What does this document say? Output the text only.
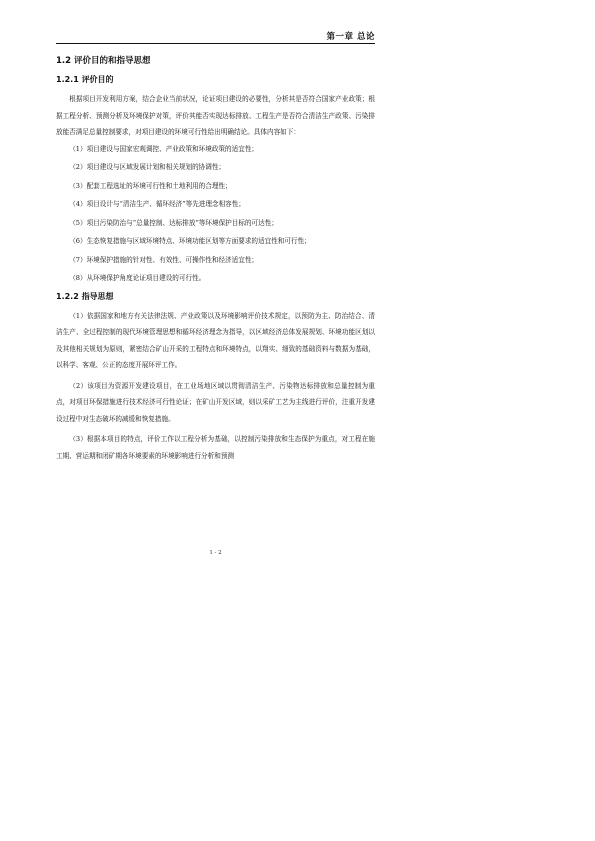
第一章 总论
1.2 评价目的和指导思想
1.2.1 评价目的

根据项目开发利用方案，结合企业当前状况，论证项目建设的必要性，分析其是否符合国家产业政策；根据工程分析、预测分析及环境保护对策，评价其能否实现达标排放、工程生产是否符合清洁生产政策、污染排放能否满足总量控制要求，对项目建设的环境可行性给出明确结论。具体内容如下：

（1）项目建设与国家宏观调控、产业政策和环境政策的适宜性；

（2）项目建设与区域发展计划和相关规划的协调性；

（3）配套工程选址的环境可行性和土地利用的合理性；

（4）项目设计与“清洁生产、循环经济”等先进理念相容性；

（5）项目污染防治与“总量控制、达标排放”等环境保护目标的可达性；

（6）生态恢复措施与区域环境特点、环境功能区划等方面要求的适宜性和可行性；

（7）环境保护措施的针对性、有效性、可操作性和经济适宜性；

（8）从环境保护角度论证项目建设的可行性。

1.2.2 指导思想

（1）依据国家和地方有关法律法规、产业政策以及环境影响评价技术规定，以预防为主、防治结合、清洁生产、全过程控制的现代环境管理思想和循环经济理念为指导，以区域经济总体发展规划、环境功能区划以及其他相关规划为原则，紧密结合矿山开采的工程特点和环境特点，以翔实、细致的基础资料与数据为基础，以科学、客观、公正的态度开展环评工作。

（2）该项目为资源开发建设项目，在工业场地区域以贯彻清洁生产、污染物达标排放和总量控制为重点，对项目环保措施进行技术经济可行性论证；在矿山开发区域，则以采矿工艺为主线进行评价，注重开发建设过程中对生态破坏的减缓和恢复措施。

（3）根据本项目的特点，评价工作以工程分析为基础，以控制污染排放和生态保护为重点，对工程在施工期、营运期和闭矿期各环境要素的环境影响进行分析和预测

1 - 2
